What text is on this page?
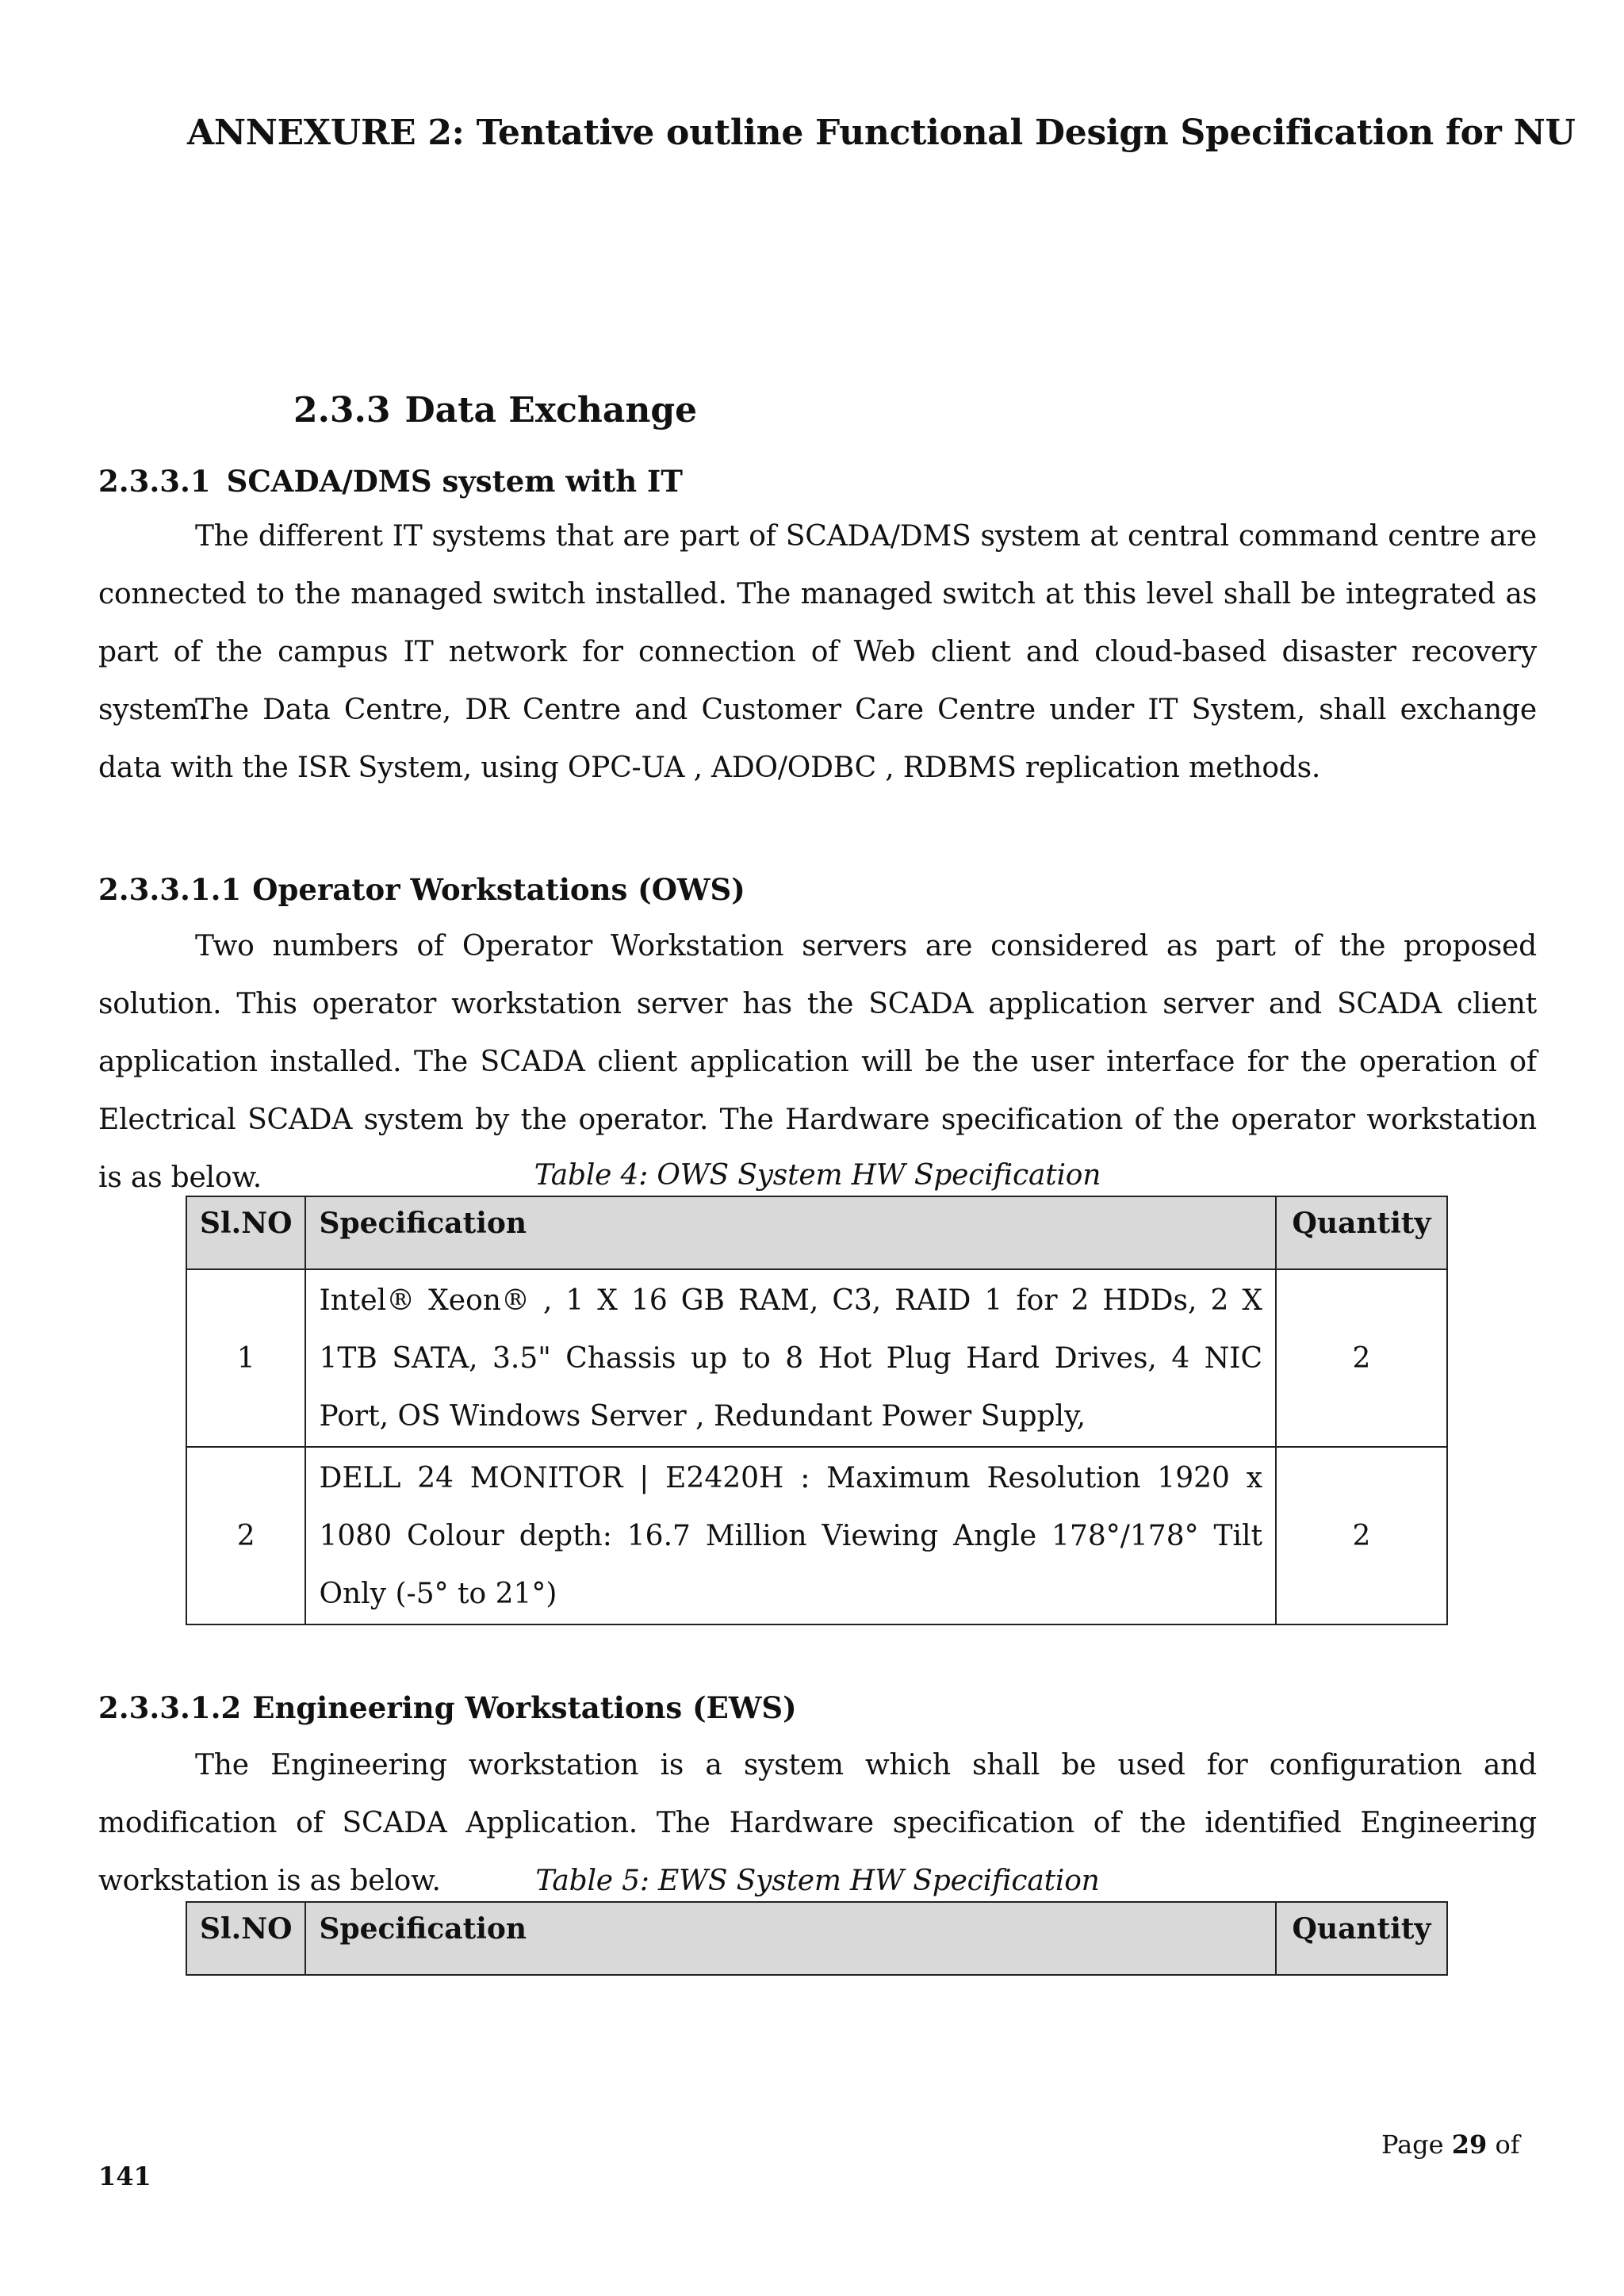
ANNEXURE 2: Tentative outline Functional Design Specification for NU
2.3.3 Data Exchange
2.3.3.1 SCADA/DMS system with IT
The different IT systems that are part of SCADA/DMS system at central command centre are connected to the managed switch installed. The managed switch at this level shall be integrated as part of the campus IT network for connection of Web client and cloud-based disaster recovery system.
The Data Centre, DR Centre and Customer Care Centre under IT System, shall exchange data with the ISR System, using OPC-UA , ADO/ODBC , RDBMS replication methods.
2.3.3.1.1 Operator Workstations (OWS)
Two numbers of Operator Workstation servers are considered as part of the proposed solution. This operator workstation server has the SCADA application server and SCADA client application installed. The SCADA client application will be the user interface for the operation of Electrical SCADA system by the operator. The Hardware specification of the operator workstation is as below.	Table 4: OWS System HW Specification
Sl.NO	Specification	Quantity
1	Intel® Xeon® , 1 X 16 GB RAM, C3, RAID 1 for 2 HDDs, 2 X 1TB SATA, 3.5" Chassis up to 8 Hot Plug Hard Drives, 4 NIC Port, OS Windows Server , Redundant Power Supply,	2
2	DELL 24 MONITOR | E2420H : Maximum Resolution 1920 x 1080 Colour depth: 16.7 Million Viewing Angle 178°/178° Tilt Only (-5° to 21°)	2
2.3.3.1.2 Engineering Workstations (EWS)
The Engineering workstation is a system which shall be used for configuration and modification of SCADA Application. The Hardware specification of the identified Engineering workstation is as below.	Table 5: EWS System HW Specification
Sl.NO	Specification	Quantity
Page 29 of
141
